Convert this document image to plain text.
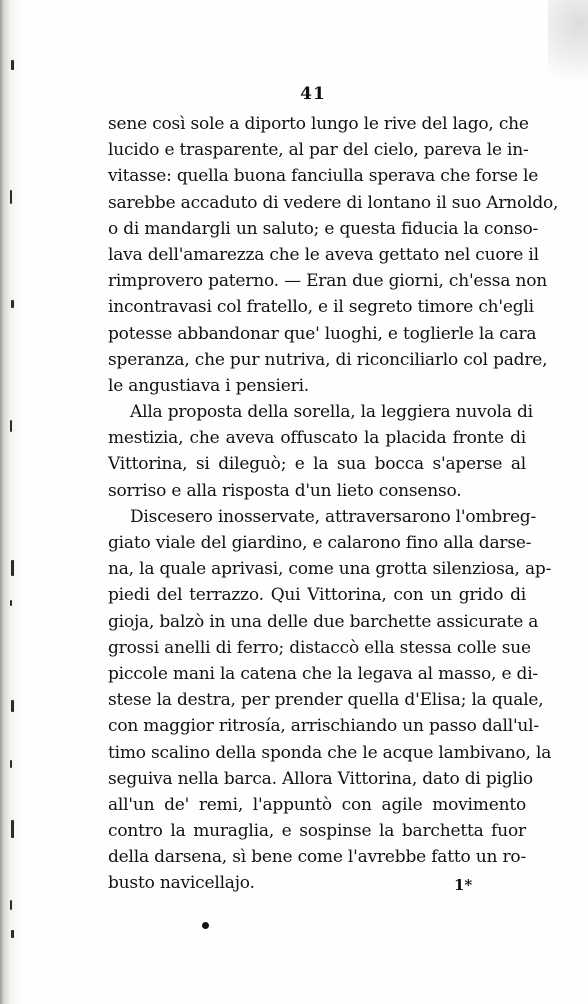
41
sene così sole a diporto lungo le rive del lago, che
lucido e trasparente, al par del cielo, pareva le in-
vitasse: quella buona fanciulla sperava che forse le
sarebbe accaduto di vedere di lontano il suo Arnoldo,
o di mandargli un saluto; e questa fiducia la conso-
lava dell'amarezza che le aveva gettato nel cuore il
rimprovero paterno. — Eran due giorni, ch'essa non
incontravasi col fratello, e il segreto timore ch'egli
potesse abbandonar que' luoghi, e toglierle la cara
speranza, che pur nutriva, di riconciliarlo col padre,
le angustiava i pensieri.
Alla proposta della sorella, la leggiera nuvola di
mestizia, che aveva offuscato la placida fronte di
Vittorina, si dileguò; e la sua bocca s'aperse al
sorriso e alla risposta d'un lieto consenso.
Discesero inosservate, attraversarono l'ombreg-
giato viale del giardino, e calarono fino alla darse-
na, la quale aprivasi, come una grotta silenziosa, ap-
piedi del terrazzo. Qui Vittorina, con un grido di
gioja, balzò in una delle due barchette assicurate a
grossi anelli di ferro; distaccò ella stessa colle sue
piccole mani la catena che la legava al masso, e di-
stese la destra, per prender quella d'Elisa; la quale,
con maggior ritrosía, arrischiando un passo dall'ul-
timo scalino della sponda che le acque lambivano, la
seguiva nella barca. Allora Vittorina, dato di piglio
all'un de' remi, l'appuntò con agile movimento
contro la muraglia, e sospinse la barchetta fuor
della darsena, sì bene come l'avrebbe fatto un ro-
busto navicellajo.	1*
